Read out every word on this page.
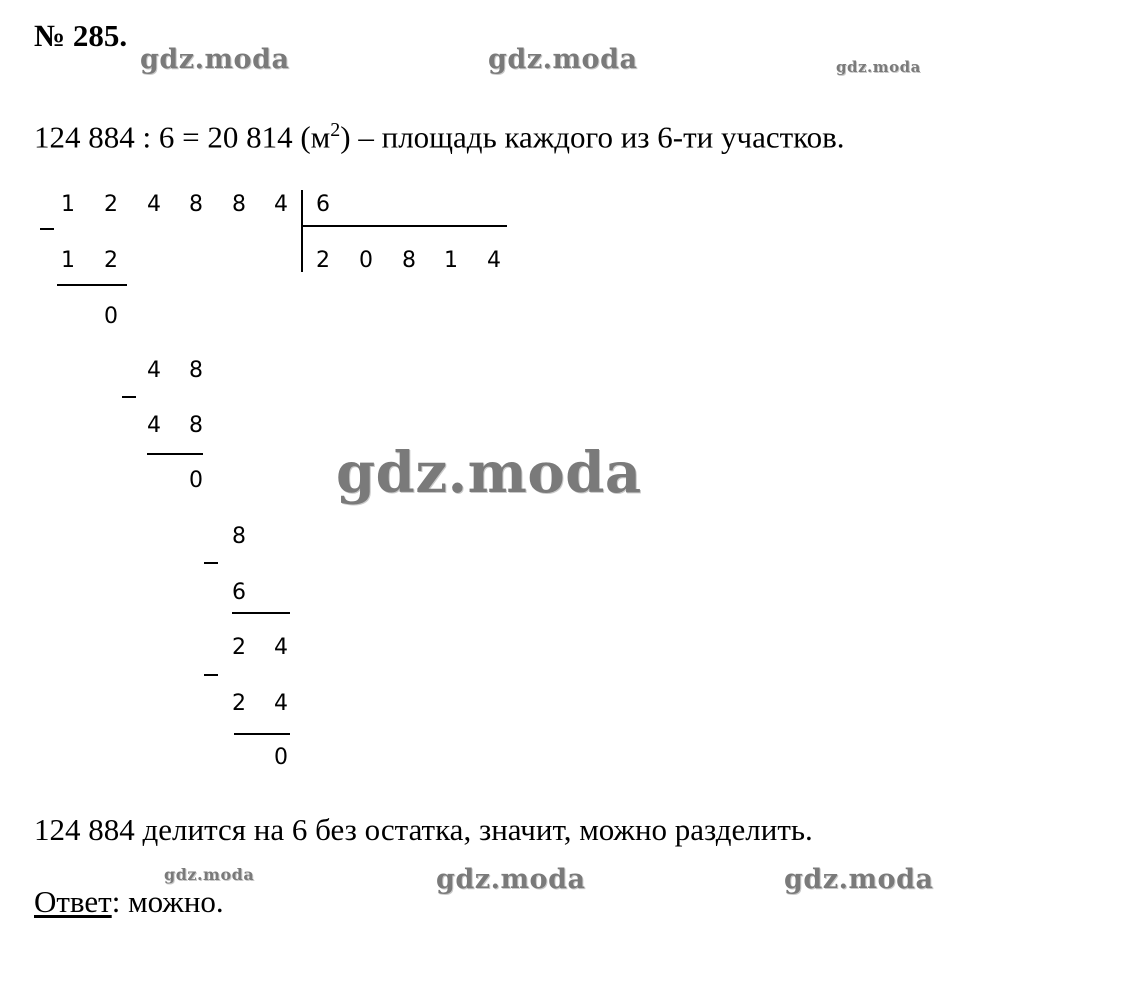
№ 285.
gdz.moda	gdz.moda	gdz.moda
gdz.moda
gdz.moda	gdz.moda	gdz.moda
124 884 : 6 = 20 814 $(м^2)$ – площадь каждого из 6-ти участков.
1 2 4 8 8 4 6
2 0 8 1 4
1 2
0
4 8
4 8
0
8
6
2 4
2 4
0
124 884 делится на 6 без остатка, значит, можно разделить.
Ответ: можно.
